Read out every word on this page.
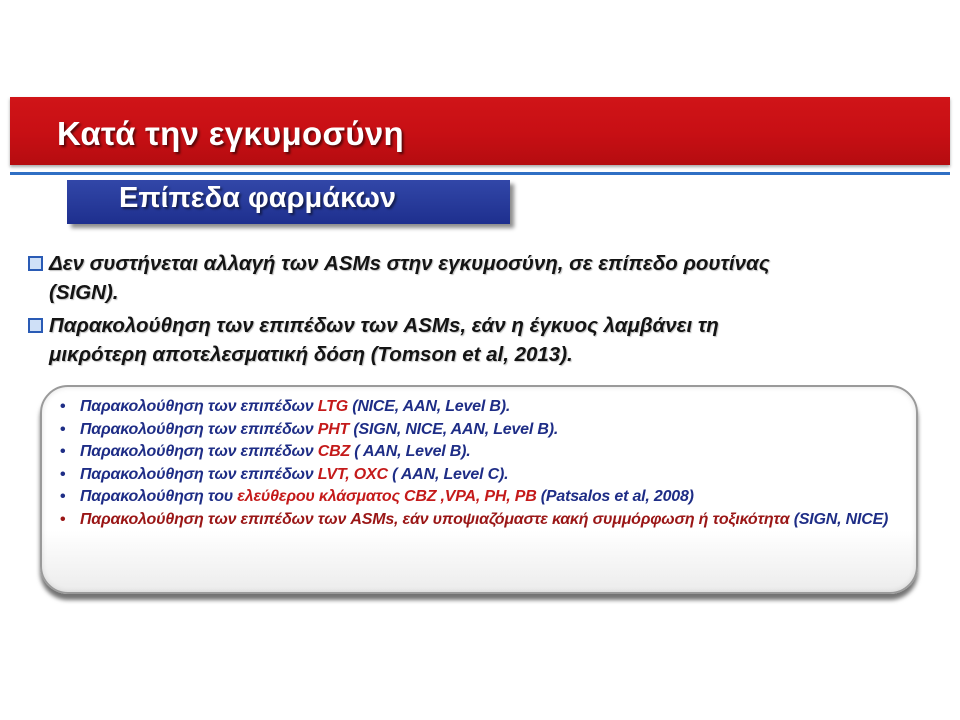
Κατά την εγκυμοσύνη
Επίπεδα φαρμάκων
Δεν συστήνεται αλλαγή των ASMs στην εγκυμοσύνη, σε επίπεδο ρουτίνας
(SIGN).
Παρακολούθηση των επιπέδων των ASMs, εάν η έγκυος λαμβάνει τη
μικρότερη αποτελεσματική δόση (Tomson et al, 2013).
• Παρακολούθηση των επιπέδων LTG (NICE, AAN, Level B).
• Παρακολούθηση των επιπέδων PHT (SIGN, NICE, AAN, Level B).
• Παρακολούθηση των επιπέδων CBZ ( AAN, Level B).
• Παρακολούθηση των επιπέδων LVT, OXC ( AAN, Level C).
• Παρακολούθηση του ελεύθερου κλάσματος CBZ ,VPA, PH, PB (Patsalos et al, 2008)
• Παρακολούθηση των επιπέδων των ASMs, εάν υποψιαζόμαστε κακή συμμόρφωση ή τοξικότητα (SIGN, NICE)
